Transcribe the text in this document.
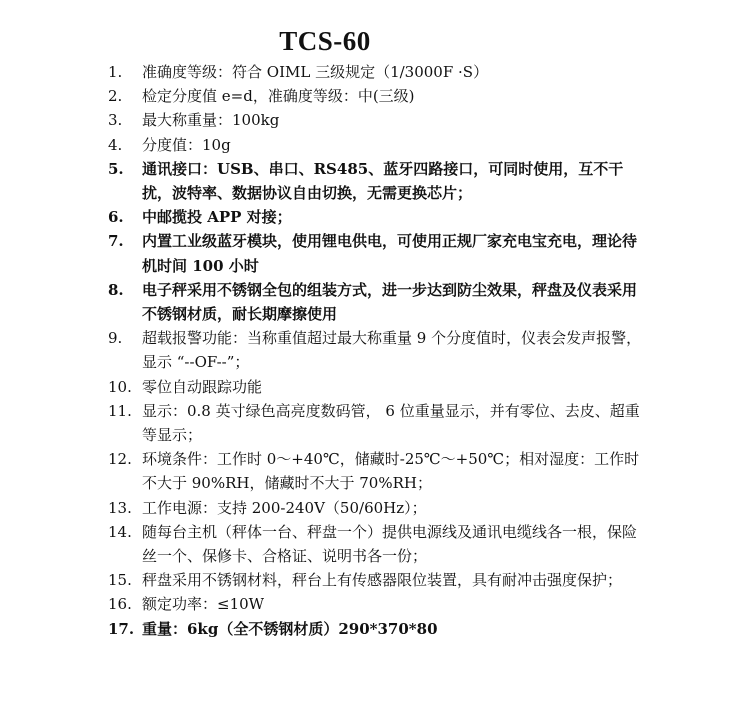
TCS-60
1.	准确度等级：符合 OIML 三级规定（1/3000F ·S）
2.	检定分度值 e=d，准确度等级：中(三级)
3.	最大称重量：100kg
4.	分度值：10g
5.	通讯接口：USB、串口、RS485、蓝牙四路接口，可同时使用，互不干扰，波特率、数据协议自由切换，无需更换芯片；
6.	中邮揽投 APP 对接；
7.	内置工业级蓝牙模块，使用锂电供电，可使用正规厂家充电宝充电，理论待机时间 100 小时
8.	电子秤采用不锈钢全包的组装方式，进一步达到防尘效果，秤盘及仪表采用不锈钢材质，耐长期摩擦使用
9.	超载报警功能：当称重值超过最大称重量 9 个分度值时，仪表会发声报警，显示 “--OF--”；
10. 零位自动跟踪功能
11. 显示：0.8 英寸绿色高亮度数码管， 6 位重量显示，并有零位、去皮、超重等显示；
12. 环境条件：工作时 0～+40℃，储藏时-25℃～+50℃；相对湿度：工作时不大于 90%RH，储藏时不大于 70%RH；
13. 工作电源：支持 200-240V（50/60Hz）；
14. 随每台主机（秤体一台、秤盘一个）提供电源线及通讯电缆线各一根，保险丝一个、保修卡、合格证、说明书各一份；
15. 秤盘采用不锈钢材料，秤台上有传感器限位装置，具有耐冲击强度保护；
16. 额定功率：≤10W
17. 重量：6kg（全不锈钢材质）290*370*80
